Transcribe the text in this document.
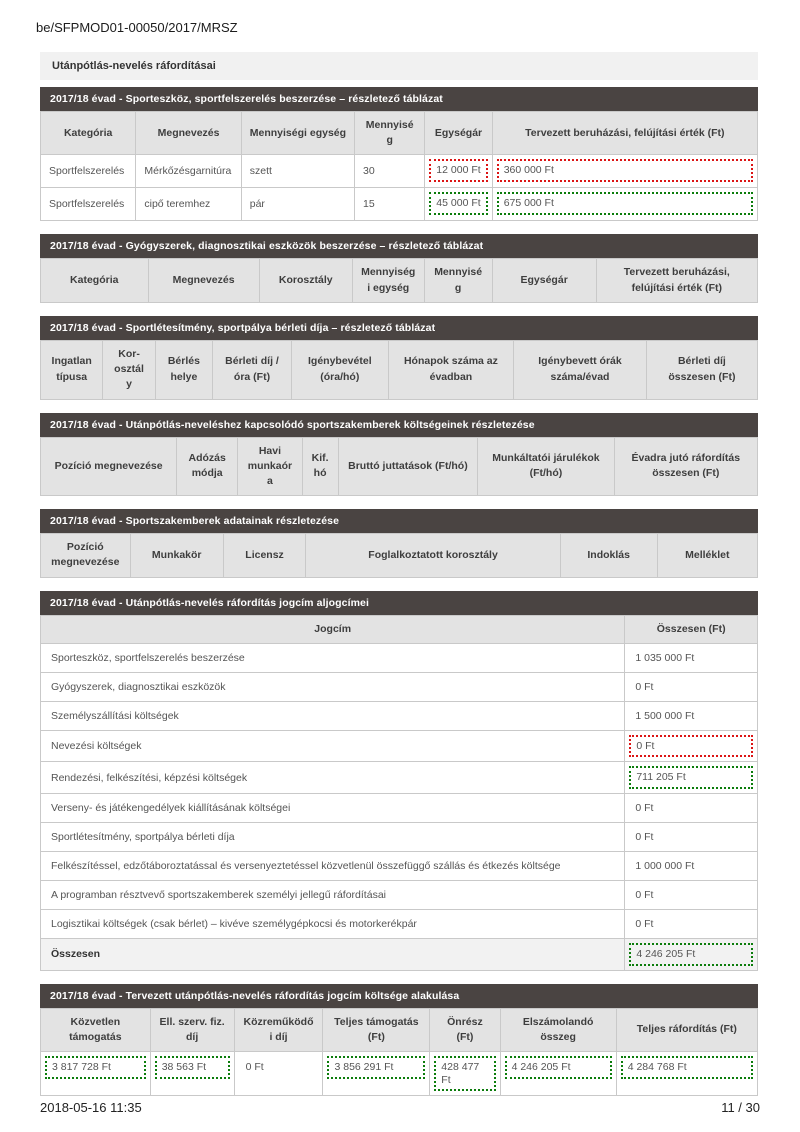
be/SFPMOD01-00050/2017/MRSZ
Utánpótlás-nevelés ráfordításai
2017/18 évad - Sporteszköz, sportfelszerelés beszerzése – részletező táblázat
Kategória	Megnevezés	Mennyiségi egység	Mennyiség	Egységár	Tervezett beruházási, felújítási érték (Ft)
Sportfelszerelés	Mérkőzésgarnitúra	szett	30	12 000 Ft	360 000 Ft

Sportfelszerelés	cipő teremhez	pár	15	45 000 Ft	675 000 Ft
2017/18 évad - Gyógyszerek, diagnosztikai eszközök beszerzése – részletező táblázat
Kategória	Megnevezés	Korosztály	Mennyiségi egység	Mennyiség	Egységár	Tervezett beruházási, felújítási érték (Ft)
2017/18 évad - Sportlétesítmény, sportpálya bérleti díja – részletező táblázat
Ingatlan típusa	Kor-osztály	Bérlés helye	Bérleti díj / óra (Ft)	Igénybevétel (óra/hó)	Hónapok száma az évadban	Igénybevett órák száma/évad	Bérleti díj összesen (Ft)
2017/18 évad - Utánpótlás-neveléshez kapcsolódó sportszakemberek költségeinek részletezése
Pozíció megnevezése	Adózás módja	Havi munkaóra	Kif. hó	Bruttó juttatások (Ft/hó)	Munkáltatói járulékok (Ft/hó)	Évadra jutó ráfordítás összesen (Ft)
2017/18 évad - Sportszakemberek adatainak részletezése
Pozíció megnevezése	Munkakör	Licensz	Foglalkoztatott korosztály	Indoklás	Melléklet
2017/18 évad - Utánpótlás-nevelés ráfordítás jogcím aljogcímei
Jogcím	Összesen (Ft)
Sporteszköz, sportfelszerelés beszerzése	1 035 000 Ft
Gyógyszerek, diagnosztikai eszközök	0 Ft
Személyszállítási költségek	1 500 000 Ft
Nevezési költségek	0 Ft

Rendezési, felkészítési, képzési költségek	711 205 Ft

Verseny- és játékengedélyek kiállításának költségei	0 Ft
Sportlétesítmény, sportpálya bérleti díja	0 Ft
Felkészítéssel, edzőtáboroztatással és versenyeztetéssel közvetlenül összefüggő szállás és étkezés költsége	1 000 000 Ft
A programban résztvevő sportszakemberek személyi jellegű ráfordításai	0 Ft
Logisztikai költségek (csak bérlet) – kivéve személygépkocsi és motorkerékpár	0 Ft
Összesen	4 246 205 Ft
2017/18 évad - Tervezett utánpótlás-nevelés ráfordítás jogcím költsége alakulása
Közvetlen támogatás	Ell. szerv. fiz. díj	Közreműködői díj	Teljes támogatás (Ft)	Önrész (Ft)	Elszámolandó összeg	Teljes ráfordítás (Ft)

3 817 728 Ft	38 563 Ft	0 Ft	3 856 291 Ft	428 477 Ft	4 246 205 Ft	4 284 768 Ft
2018-05-16 11:35	11 / 30
